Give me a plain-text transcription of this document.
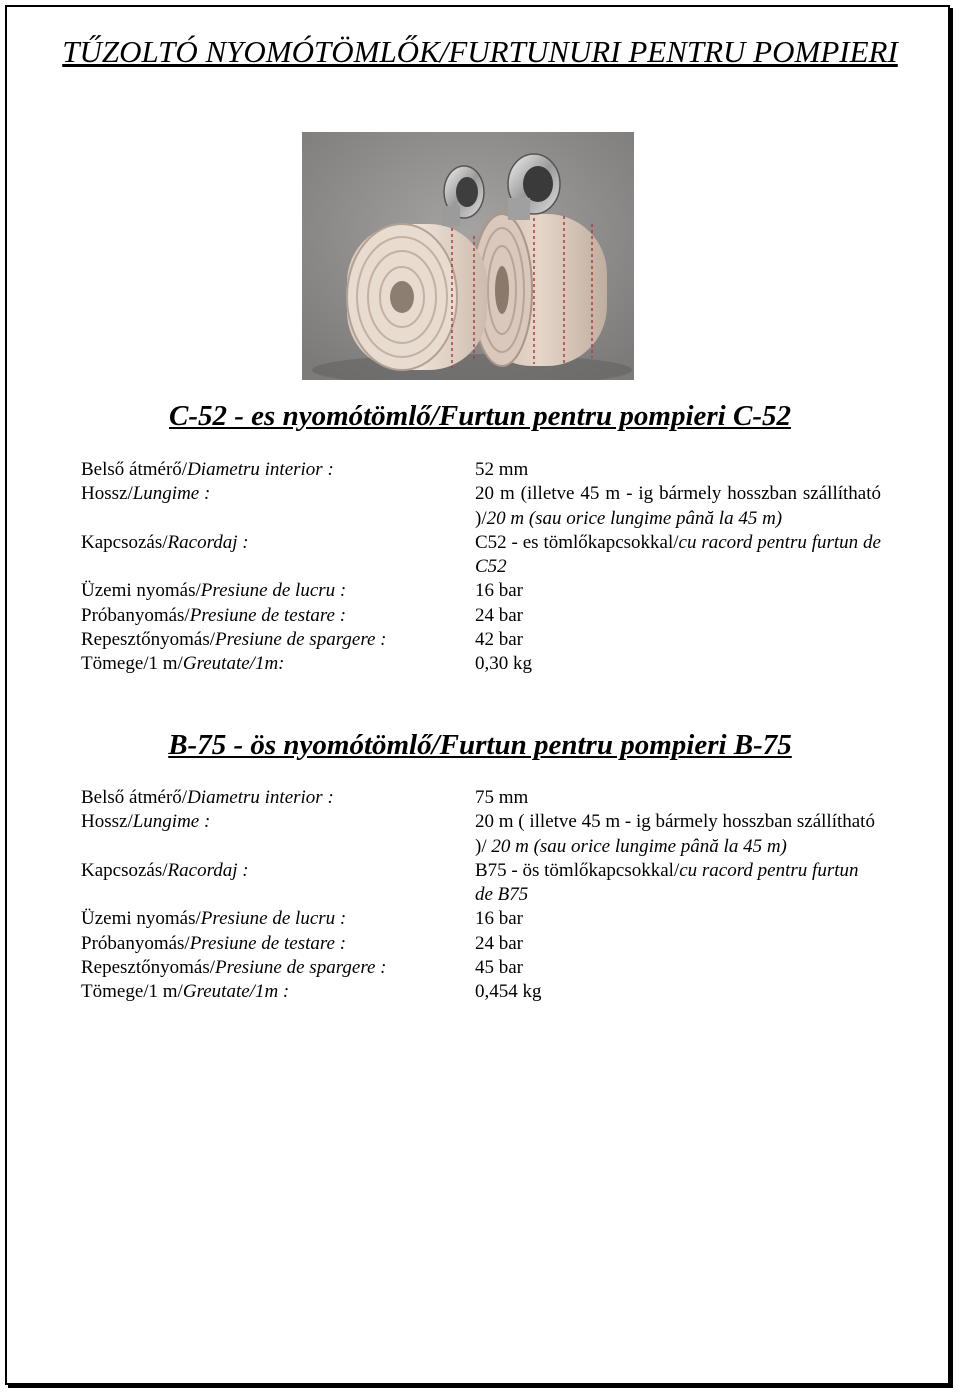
TŰZOLTÓ NYOMÓTÖMLŐK/FURTUNURI PENTRU POMPIERI
C-52 - es nyomótömlő/Furtun pentru pompieri C-52
Belső átmérő/Diametru interior :	52 mm
Hossz/Lungime :	20 m (illetve 45 m - ig bármely hosszban szállítható )/20 m (sau orice lungime până la 45 m)
Kapcsozás/Racordaj :	C52 - es tömlőkapcsokkal/cu racord pentru furtun de C52
Üzemi nyomás/Presiune de lucru :	16 bar
Próbanyomás/Presiune de testare :	24 bar
Repesztőnyomás/Presiune de spargere :	42 bar
Tömege/1 m/Greutate/1m:	0,30 kg
B-75 - ös nyomótömlő/Furtun pentru pompieri B-75
Belső átmérő/Diametru interior :	75 mm
Hossz/Lungime :	20 m ( illetve 45 m - ig bármely hosszban szállítható )/ 20 m (sau orice lungime până la 45 m)
Kapcsozás/Racordaj :	B75 - ös tömlőkapcsokkal/cu racord pentru furtun de B75
Üzemi nyomás/Presiune de lucru :	16 bar
Próbanyomás/Presiune de testare :	24 bar
Repesztőnyomás/Presiune de spargere :	45 bar
Tömege/1 m/Greutate/1m :	0,454 kg
